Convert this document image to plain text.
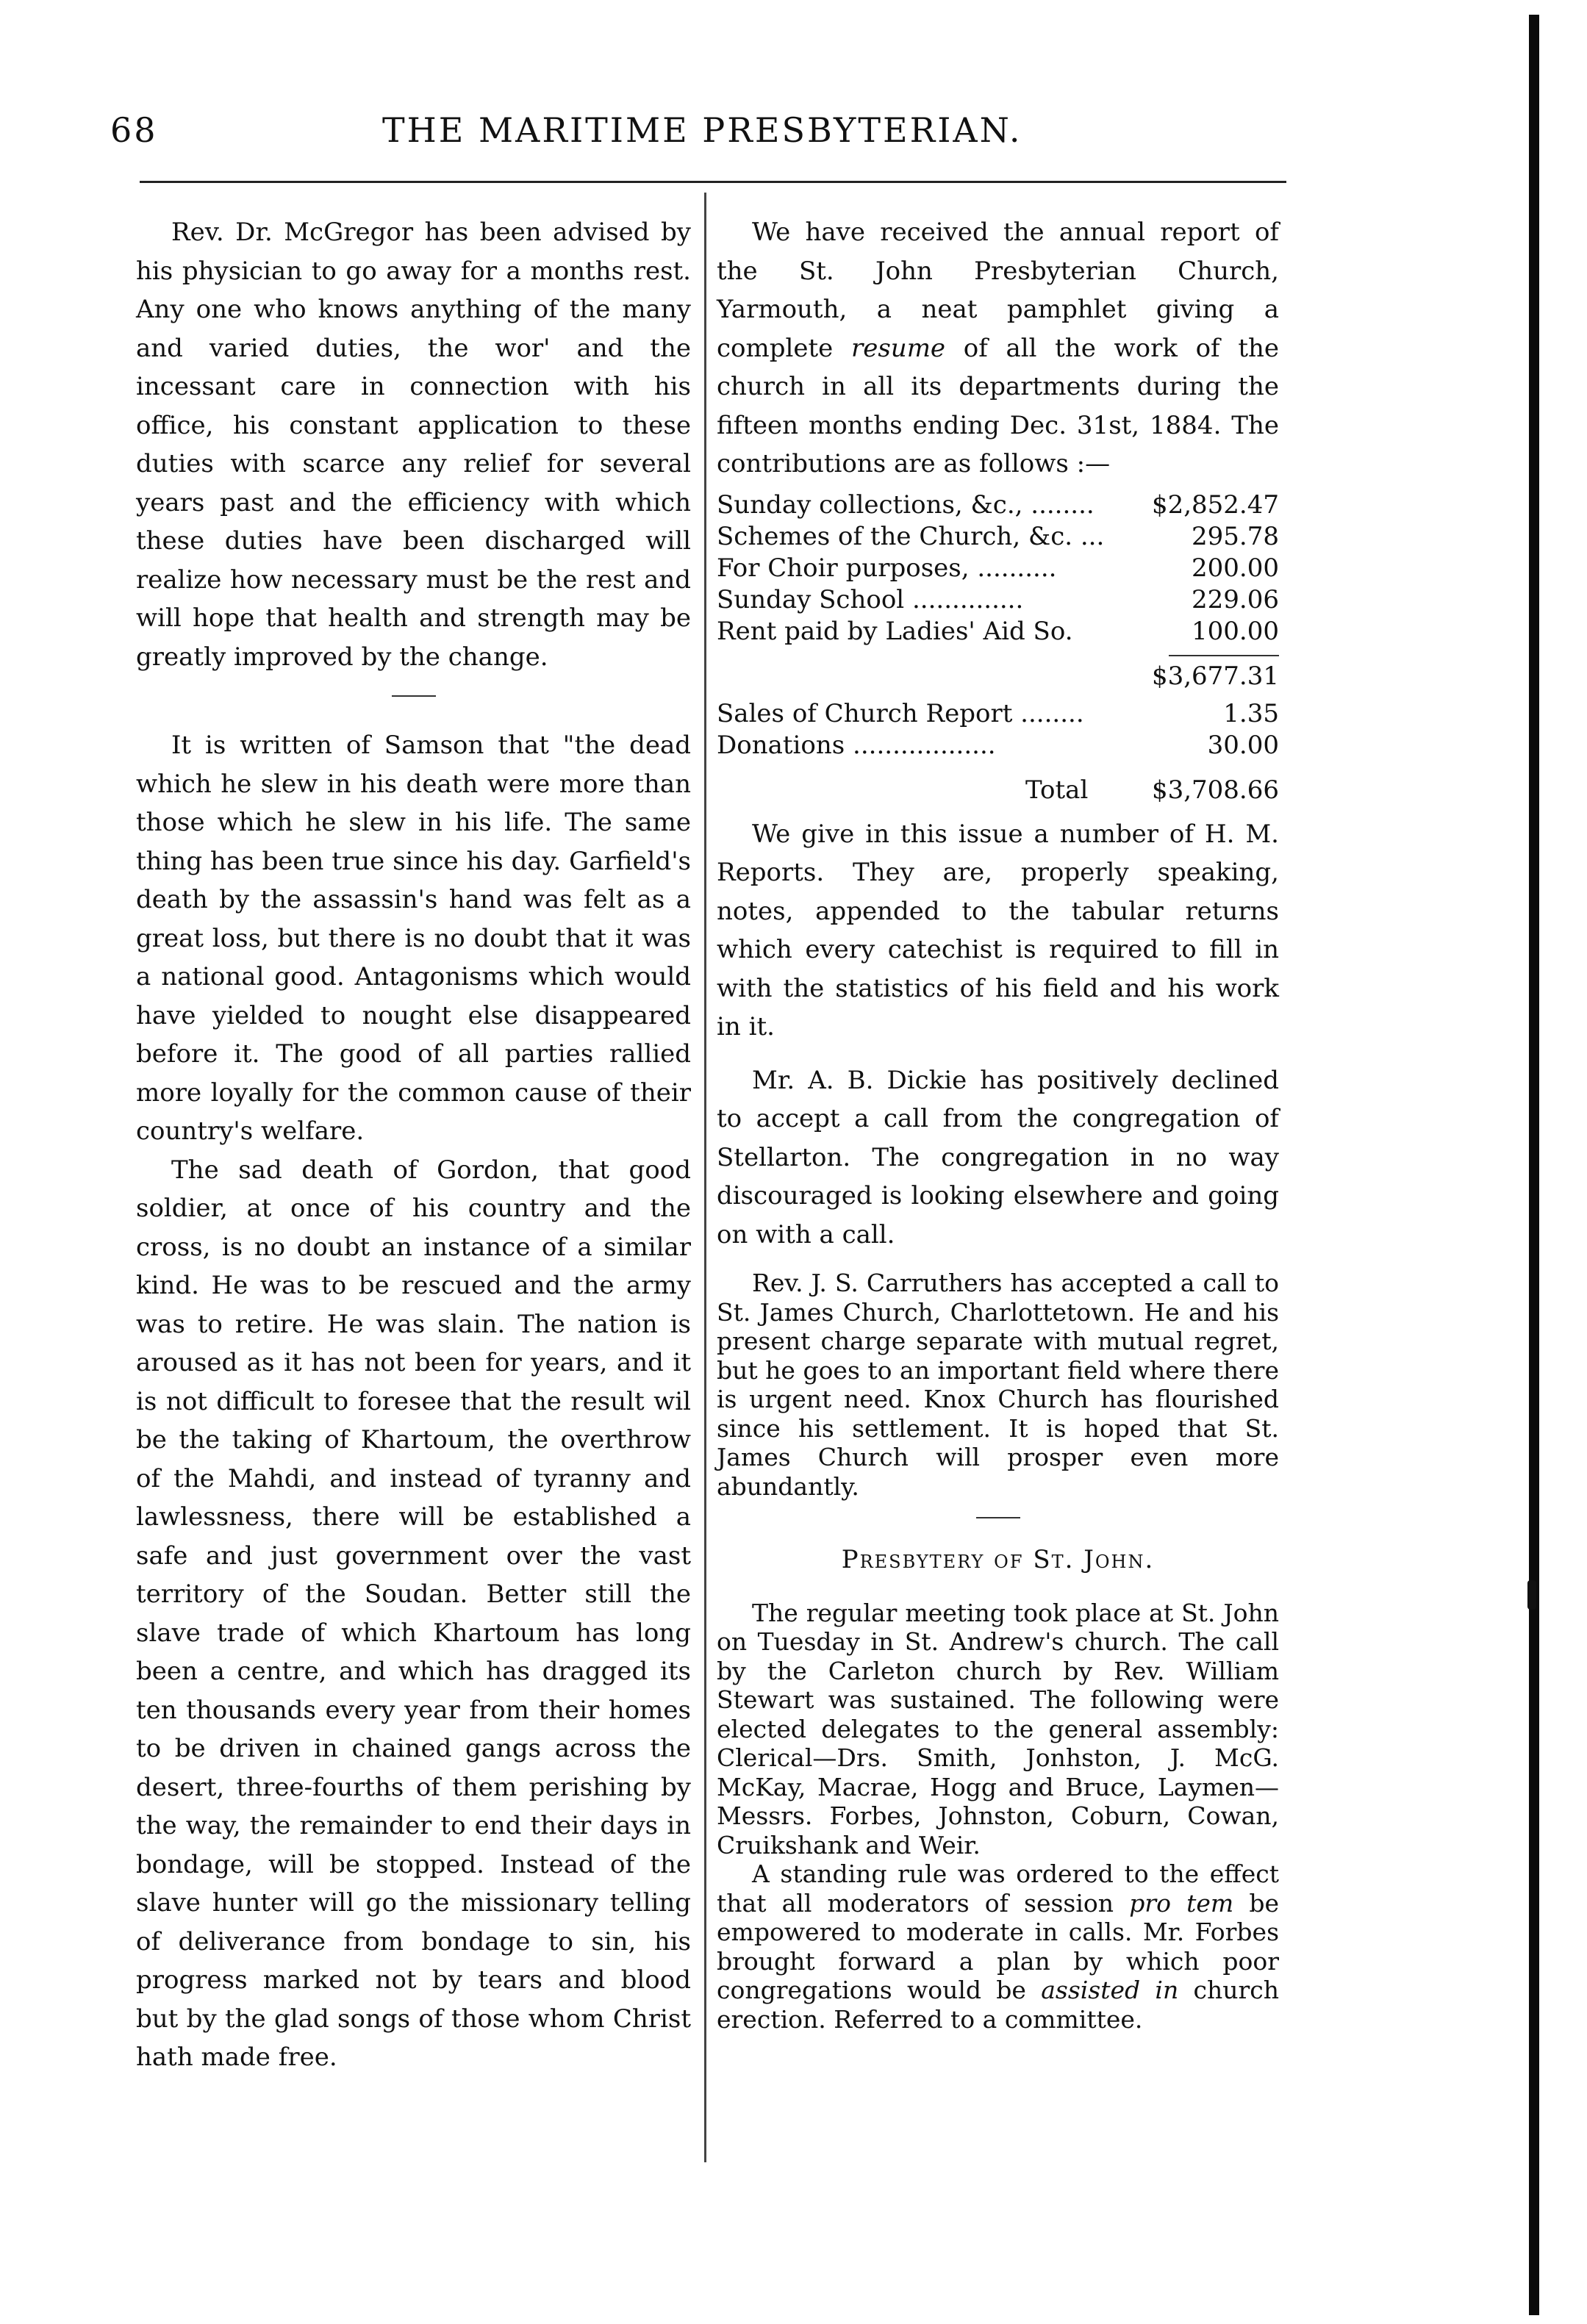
68	THE MARITIME PRESBYTERIAN.

Rev. Dr. McGregor has been advised by his physician to go away for a months rest. Any one who knows anything of the many and varied duties, the wor' and the incessant care in connection with his office, his constant application to these duties with scarce any relief for several years past and the efficiency with which these duties have been discharged will realize how necessary must be the rest and will hope that health and strength may be greatly improved by the change.

It is written of Samson that "the dead which he slew in his death were more than those which he slew in his life. The same thing has been true since his day. Garfield's death by the assassin's hand was felt as a great loss, but there is no doubt that it was a national good. Antagonisms which would have yielded to nought else disappeared before it. The good of all parties rallied more loyally for the common cause of their country's welfare.

The sad death of Gordon, that good soldier, at once of his country and the cross, is no doubt an instance of a similar kind. He was to be rescued and the army was to retire. He was slain. The nation is aroused as it has not been for years, and it is not difficult to foresee that the result wil be the taking of Khartoum, the overthrow of the Mahdi, and instead of tyranny and lawlessness, there will be established a safe and just government over the vast territory of the Soudan. Better still the slave trade of which Khartoum has long been a centre, and which has dragged its ten thousands every year from their homes to be driven in chained gangs across the desert, three-fourths of them perishing by the way, the remainder to end their days in bondage, will be stopped. Instead of the slave hunter will go the missionary telling of deliverance from bondage to sin, his progress marked not by tears and blood but by the glad songs of those whom Christ hath made free.

We have received the annual report of the St. John Presbyterian Church, Yarmouth, a neat pamphlet giving a complete resume of all the work of the church in all its departments during the fifteen months ending Dec. 31st, 1884. The contributions are as follows :—

Sunday collections, &c., ........ $2,852.47
Schemes of the Church, &c. ...	295.78
For Choir purposes, ..........	200.00
Sunday School ..............	229.06
Rent paid by Ladies' Aid So.	100.00
$3,677.31
Sales of Church Report ........	1.35
Donations ..................	30.00
Total	$3,708.66

We give in this issue a number of H. M. Reports. They are, properly speaking, notes, appended to the tabular returns which every catechist is required to fill in with the statistics of his field and his work in it.

Mr. A. B. Dickie has positively declined to accept a call from the congregation of Stellarton. The congregation in no way discouraged is looking elsewhere and going on with a call.

Rev. J. S. Carruthers has accepted a call to St. James Church, Charlottetown. He and his present charge separate with mutual regret, but he goes to an important field where there is urgent need. Knox Church has flourished since his settlement. It is hoped that St. James Church will prosper even more abundantly.

Presbytery of St. John.

The regular meeting took place at St. John on Tuesday in St. Andrew's church. The call by the Carleton church by Rev. William Stewart was sustained. The following were elected delegates to the general assembly: Clerical—Drs. Smith, Jonhston, J. McG. McKay, Macrae, Hogg and Bruce, Laymen—Messrs. Forbes, Johnston, Coburn, Cowan, Cruikshank and Weir.

A standing rule was ordered to the effect that all moderators of session pro tem be empowered to moderate in calls. Mr. Forbes brought forward a plan by which poor congregations would be assisted in church erection. Referred to a committee.
